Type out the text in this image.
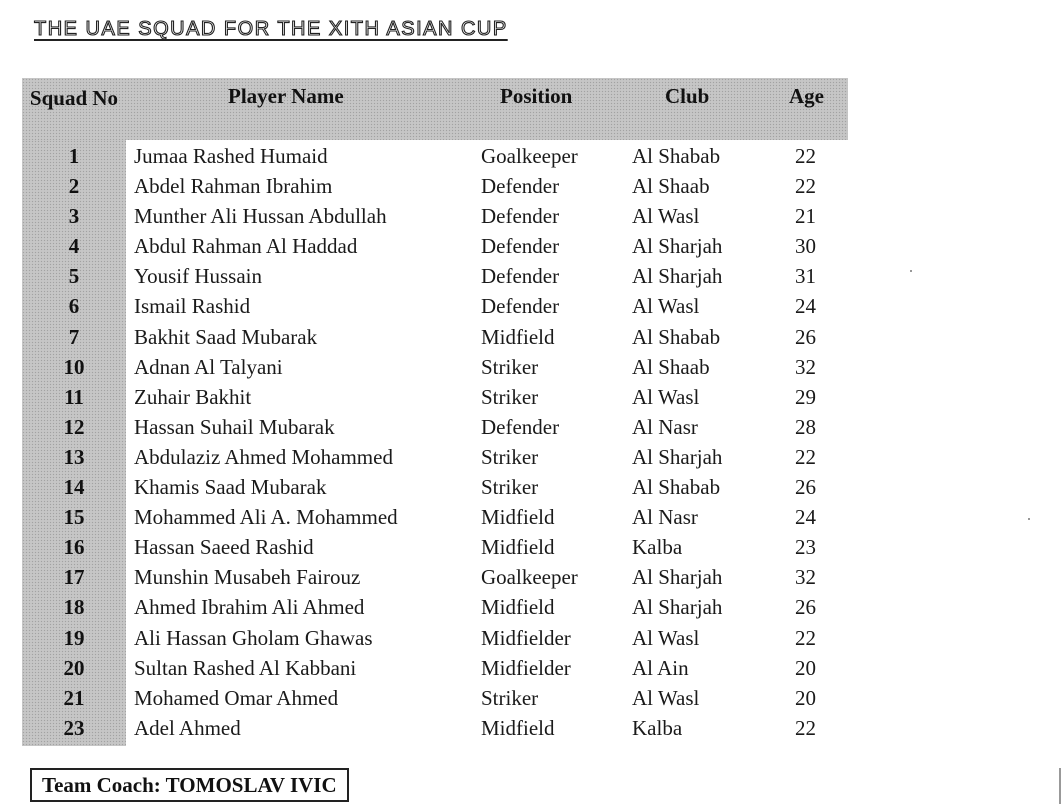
THE UAE SQUAD FOR THE XITH ASIAN CUP
Squad No	Player Name	Position	Club	Age
1	Jumaa Rashed Humaid	Goalkeeper	Al Shabab	22
2	Abdel Rahman Ibrahim	Defender	Al Shaab	22
3	Munther Ali Hussan Abdullah	Defender	Al Wasl	21
4	Abdul Rahman Al Haddad	Defender	Al Sharjah	30
5	Yousif Hussain	Defender	Al Sharjah	31
6	Ismail Rashid	Defender	Al Wasl	24
7	Bakhit Saad Mubarak	Midfield	Al Shabab	26
10	Adnan Al Talyani	Striker	Al Shaab	32
11	Zuhair Bakhit	Striker	Al Wasl	29
12	Hassan Suhail Mubarak	Defender	Al Nasr	28
13	Abdulaziz Ahmed Mohammed	Striker	Al Sharjah	22
14	Khamis Saad Mubarak	Striker	Al Shabab	26
15	Mohammed Ali A. Mohammed	Midfield	Al Nasr	24
16	Hassan Saeed Rashid	Midfield	Kalba	23
17	Munshin Musabeh Fairouz	Goalkeeper	Al Sharjah	32
18	Ahmed Ibrahim Ali Ahmed	Midfield	Al Sharjah	26
19	Ali Hassan Gholam Ghawas	Midfielder	Al Wasl	22
20	Sultan Rashed Al Kabbani	Midfielder	Al Ain	20
21	Mohamed Omar Ahmed	Striker	Al Wasl	20
23	Adel Ahmed	Midfield	Kalba	22
Team Coach: TOMOSLAV IVIC
